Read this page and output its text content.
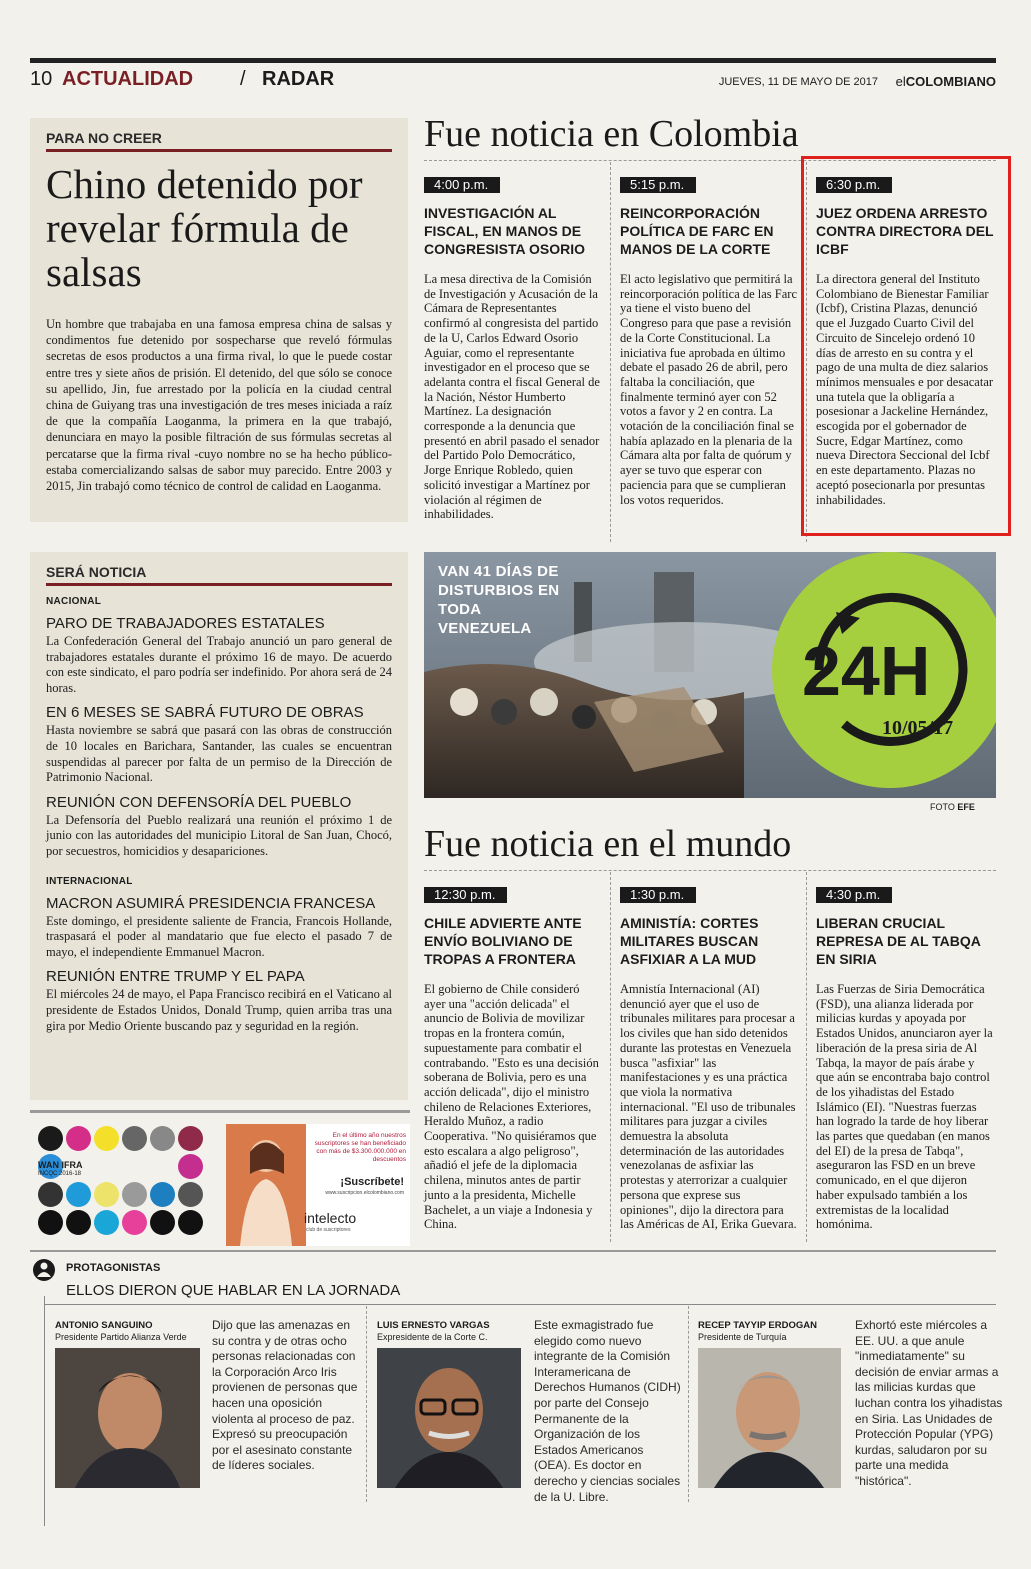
10 ACTUALIDAD / RADAR	JUEVES, 11 DE MAYO DE 2017 elCOLOMBIANO
PARA NO CREER
Chino detenido por revelar fórmula de salsas
Un hombre que trabajaba en una famosa empresa china de salsas y condimentos fue detenido por sospecharse que reveló fórmulas secretas de esos productos a una firma rival, lo que le puede costar entre tres y siete años de prisión. El detenido, del que sólo se conoce su apellido, Jin, fue arrestado por la policía en la ciudad central china de Guiyang tras una investigación de tres meses iniciada a raíz de que la compañía Laoganma, la primera en la que trabajó, denunciara en mayo la posible filtración de sus fórmulas secretas al percatarse que la firma rival -cuyo nombre no se ha hecho público- estaba comercializando salsas de sabor muy parecido. Entre 2003 y 2015, Jin trabajó como técnico de control de calidad en Laoganma.
SERÁ NOTICIA
NACIONAL
PARO DE TRABAJADORES ESTATALES
La Confederación General del Trabajo anunció un paro general de trabajadores estatales durante el próximo 16 de mayo. De acuerdo con este sindicato, el paro podría ser indefinido. Por ahora será de 24 horas.
EN 6 MESES SE SABRÁ FUTURO DE OBRAS
Hasta noviembre se sabrá que pasará con las obras de construcción de 10 locales en Barichara, Santander, las cuales se encuentran suspendidas al parecer por falta de un permiso de la Dirección de Patrimonio Nacional.
REUNIÓN CON DEFENSORÍA DEL PUEBLO
La Defensoría del Pueblo realizará una reunión el próximo 1 de junio con las autoridades del municipio Litoral de San Juan, Chocó, por secuestros, homicidios y desapariciones.
INTERNACIONAL
MACRON ASUMIRÁ PRESIDENCIA FRANCESA
Este domingo, el presidente saliente de Francia, Francois Hollande, traspasará el poder al mandatario que fue electo el pasado 7 de mayo, el independiente Emmanuel Macron.
REUNIÓN ENTRE TRUMP Y EL PAPA
El miércoles 24 de mayo, el Papa Francisco recibirá en el Vaticano al presidente de Estados Unidos, Donald Trump, quien arriba tras una gira por Medio Oriente buscando paz y seguridad en la región.
Fue noticia en Colombia
4:00 p.m.
INVESTIGACIÓN AL FISCAL, EN MANOS DE CONGRESISTA OSORIO
La mesa directiva de la Comisión de Investigación y Acusación de la Cámara de Representantes confirmó al congresista del partido de la U, Carlos Edward Osorio Aguiar, como el representante investigador en el proceso que se adelanta contra el fiscal General de la Nación, Néstor Humberto Martínez. La designación corresponde a la denuncia que presentó en abril pasado el senador del Partido Polo Democrático, Jorge Enrique Robledo, quien solicitó investigar a Martínez por violación al régimen de inhabilidades.
5:15 p.m.
REINCORPORACIÓN POLÍTICA DE FARC EN MANOS DE LA CORTE
El acto legislativo que permitirá la reincorporación política de las Farc ya tiene el visto bueno del Congreso para que pase a revisión de la Corte Constitucional. La iniciativa fue aprobada en último debate el pasado 26 de abril, pero faltaba la conciliación, que finalmente terminó ayer con 52 votos a favor y 2 en contra. La votación de la conciliación final se había aplazado en la plenaria de la Cámara alta por falta de quórum y ayer se tuvo que esperar con paciencia para que se cumplieran los votos requeridos.
6:30 p.m.
JUEZ ORDENA ARRESTO CONTRA DIRECTORA DEL ICBF
La directora general del Instituto Colombiano de Bienestar Familiar (Icbf), Cristina Plazas, denunció que el Juzgado Cuarto Civil del Circuito de Sincelejo ordenó 10 días de arresto en su contra y el pago de una multa de diez salarios mínimos mensuales e por desacatar una tutela que la obligaría a posesionar a Jackeline Hernández, escogida por el gobernador de Sucre, Edgar Martínez, como nueva Directora Seccional del Icbf en este departamento. Plazas no aceptó posecionarla por presuntas inhabilidades.
24H
10/05/17
VAN 41 DÍAS DE DISTURBIOS EN TODA VENEZUELA
FOTO EFE
Fue noticia en el mundo
12:30 p.m.
CHILE ADVIERTE ANTE ENVÍO BOLIVIANO DE TROPAS A FRONTERA
El gobierno de Chile consideró ayer una "acción delicada" el anuncio de Bolivia de movilizar tropas en la frontera común, supuestamente para combatir el contrabando. "Esto es una decisión soberana de Bolivia, pero es una acción delicada", dijo el ministro chileno de Relaciones Exteriores, Heraldo Muñoz, a radio Cooperativa. "No quisiéramos que esto escalara a algo peligroso", añadió el jefe de la diplomacia chilena, minutos antes de partir junto a la presidenta, Michelle Bachelet, a un viaje a Indonesia y China.
1:30 p.m.
AMINISTÍA: CORTES MILITARES BUSCAN ASFIXIAR A LA MUD
Amnistía Internacional (AI) denunció ayer que el uso de tribunales militares para procesar a los civiles que han sido detenidos durante las protestas en Venezuela busca "asfixiar" las manifestaciones y es una práctica que viola la normativa internacional. "El uso de tribunales militares para juzgar a civiles demuestra la absoluta determinación de las autoridades venezolanas de asfixiar las protestas y aterrorizar a cualquier persona que exprese sus opiniones", dijo la directora para las Américas de AI, Erika Guevara.
4:30 p.m.
LIBERAN CRUCIAL REPRESA DE AL TABQA EN SIRIA
Las Fuerzas de Siria Democrática (FSD), una alianza liderada por milicias kurdas y apoyada por Estados Unidos, anunciaron ayer la liberación de la presa siria de Al Tabqa, la mayor de país árabe y que aún se encontraba bajo control de los yihadistas del Estado Islámico (EI). "Nuestras fuerzas han logrado la tarde de hoy liberar las partes que quedaban (en manos del EI) de la presa de Tabqa", aseguraron las FSD en un breve comunicado, en el que dijeron haber expulsado también a los extremistas de la localidad homónima.
WAN IFRA
INCQC 2016-18
En el último año nuestros suscriptores se han beneficiado con más de $3.300.000.000 en descuentos
¡Suscríbete!
www.suscripcion.elcolombiano.com
intelecto
club de suscriptores
PROTAGONISTAS
ELLOS DIERON QUE HABLAR EN LA JORNADA
ANTONIO SANGUINO
Presidente Partido Alianza Verde
Dijo que las amenazas en su contra y de otras ocho personas relacionadas con la Corporación Arco Iris provienen de personas que hacen una oposición violenta al proceso de paz. Expresó su preocupación por el asesinato constante de líderes sociales.
LUIS ERNESTO VARGAS
Expresidente de la Corte C.
Este exmagistrado fue elegido como nuevo integrante de la Comisión Interamericana de Derechos Humanos (CIDH) por parte del Consejo Permanente de la Organización de los Estados Americanos (OEA). Es doctor en derecho y ciencias sociales de la U. Libre.
RECEP TAYYIP ERDOGAN
Presidente de Turquía
Exhortó este miércoles a EE. UU. a que anule "inmediatamente" su decisión de enviar armas a las milicias kurdas que luchan contra los yihadistas en Siria. Las Unidades de Protección Popular (YPG) kurdas, saludaron por su parte una medida "histórica".
